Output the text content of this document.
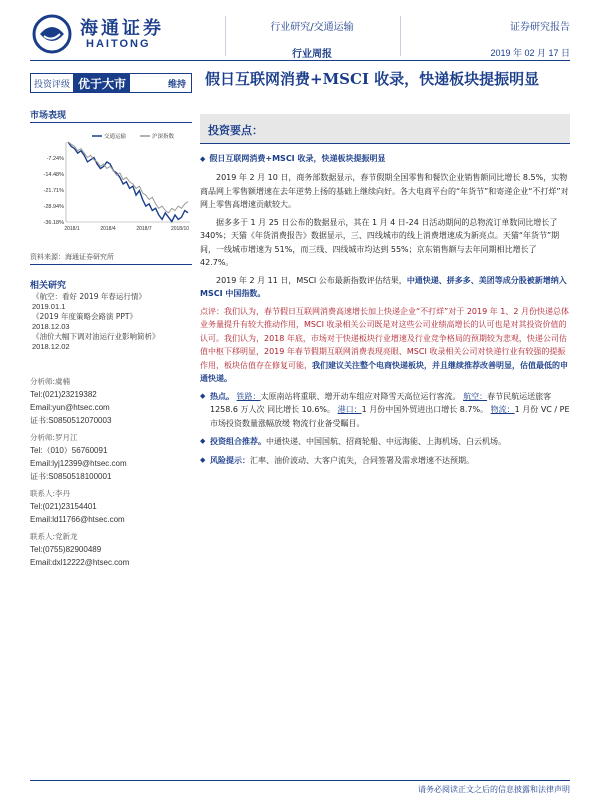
海通证券
HAITONG
行业研究/交通运输
行业周报
证券研究报告
2019 年 02 月 17 日
投资评级 优于大市	维持
市场表现
-7.24%
-14.48%
-21.71%
-28.94%
-36.18%
2018/1	2018/4	2018/7	2018/10
交通运输	沪深指数
资料来源：海通证券研究所
相关研究
《航空：看好 2019 年春运行情》
2019.01.1
《2019 年度策略会路演 PPT》
2018.12.03
《油价大幅下调对油运行业影响简析》
2018.12.02
分析师:虞楠
Tel:(021)23219382
Email:yun@htsec.com
证书:S0850512070003
分析师:罗月江
Tel:（010）56760091
Email:lyj12399@htsec.com
证书:S0850518100001
联系人:李丹
Tel:(021)23154401
Email:ld11766@htsec.com
联系人:党新龙
Tel:(0755)82900489
Email:dxl12222@htsec.com
假日互联网消费+MSCI 收录，快递板块提振明显
投资要点：
◆ 假日互联网消费+MSCI 收录，快递板块提振明显

2019 年 2 月 10 日，商务部数据显示，春节假期全国零售和餐饮企业销售额同比增长 8.5%，实物商品网上零售额增速在去年逆势上扬的基础上继续向好。各大电商平台的“年货节”和寄递企业“不打烊”对网上零售高增速贡献较大。

据多多于 1 月 25 日公布的数据显示，其在 1 月 4 日-24 日活动期间的总物流订单数同比增长了 340%；天猫《年货消费报告》数据显示，三、四线城市的线上消费增速成为新亮点。天猫“年货节”期间，一线城市增速为 51%，而三线、四线城市均达到 55%；京东销售额与去年同期相比增长了 42.7%。

2019 年 2 月 11 日，MSCI 公布最新指数评估结果，中通快递、拼多多、美团等成分股被新增纳入 MSCI 中国指数。

点评：我们认为，春节假日互联网消费高速增长加上快递企业“不打烊”对于 2019 年 1、2 月份快递总体业务量提升有较大推动作用，MSCI 收录相关公司既是对这些公司业绩高增长的认可也是对其投资价值的认可。我们认为，2018 年底，市场对于快递板块行业增速及行业竞争格局的预期较为悲观，快递公司估值中枢下移明显，2019 年春节假期互联网消费表现亮眼、MSCI 收录相关公司对快递行业有较强的提振作用，板块估值存在修复可能，我们建议关注整个电商快递板块，并且继续推荐改善明显，估值最低的申通快递。

◆ 热点。 铁路：太原南站将重联、增开动车组应对降雪天高位运行客流。 航空：春节民航运送旅客 1258.6 万人次 同比增长 10.6%。 港口：1 月份中国外贸进出口增长 8.7%。 物流：1 月份 VC / PE 市场投资数量涨幅放缓 物流行业备受瞩目。
◆ 投资组合推荐。中通快递、中国国航、招商轮船、中远海能、上海机场、白云机场。
◆ 风险提示：汇率、油价波动、大客户流失，合同签署及需求增速不达预期。
请务必阅读正文之后的信息披露和法律声明
